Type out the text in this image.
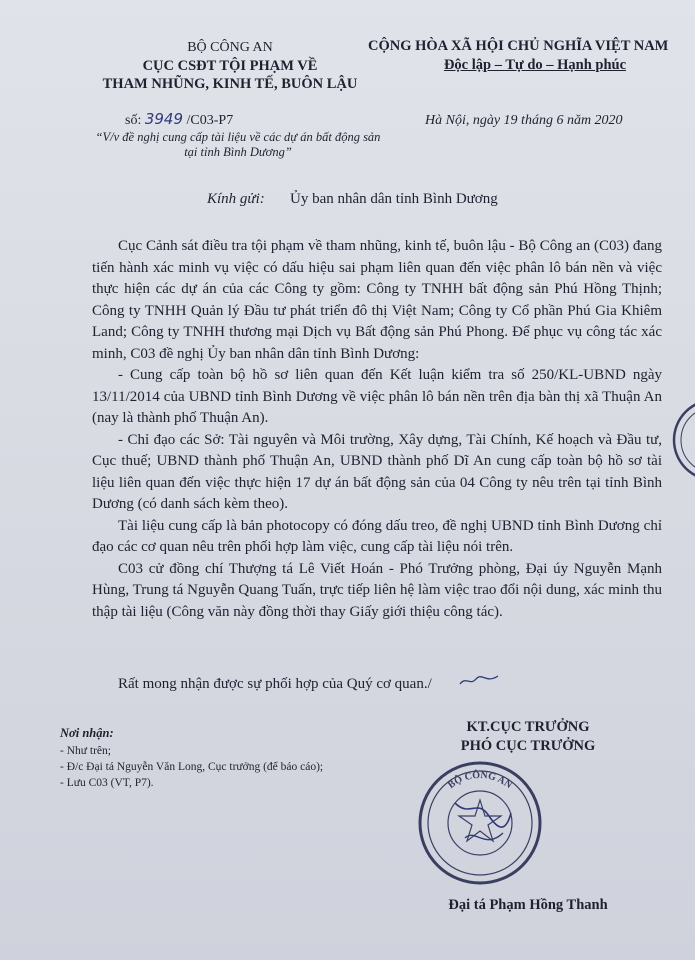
BỘ CÔNG AN
CỤC CSĐT TỘI PHẠM VỀ
THAM NHŨNG, KINH TẾ, BUÔN LẬU
CỘNG HÒA XÃ HỘI CHỦ NGHĨA VIỆT NAM
Độc lập – Tự do – Hạnh phúc
số: 3949 /C03-P7
“V/v đề nghị cung cấp tài liệu về các dự án bất động sản tại tỉnh Bình Dương”
Hà Nội, ngày 19 tháng 6 năm 2020
Kính gửi: Ủy ban nhân dân tỉnh Bình Dương

Cục Cảnh sát điều tra tội phạm về tham nhũng, kinh tế, buôn lậu - Bộ Công an (C03) đang tiến hành xác minh vụ việc có dấu hiệu sai phạm liên quan đến việc phân lô bán nền và việc thực hiện các dự án của các Công ty gồm: Công ty TNHH bất động sản Phú Hồng Thịnh; Công ty TNHH Quản lý Đầu tư phát triển đô thị Việt Nam; Công ty Cổ phần Phú Gia Khiêm Land; Công ty TNHH thương mại Dịch vụ Bất động sản Phú Phong. Để phục vụ công tác xác minh, C03 đề nghị Ủy ban nhân dân tỉnh Bình Dương:

- Cung cấp toàn bộ hồ sơ liên quan đến Kết luận kiểm tra số 250/KL-UBND ngày 13/11/2014 của UBND tỉnh Bình Dương về việc phân lô bán nền trên địa bàn thị xã Thuận An (nay là thành phố Thuận An).

- Chỉ đạo các Sở: Tài nguyên và Môi trường, Xây dựng, Tài Chính, Kế hoạch và Đầu tư, Cục thuế; UBND thành phố Thuận An, UBND thành phố Dĩ An cung cấp toàn bộ hồ sơ tài liệu liên quan đến việc thực hiện 17 dự án bất động sản của 04 Công ty nêu trên tại tỉnh Bình Dương (có danh sách kèm theo).

Tài liệu cung cấp là bản photocopy có đóng dấu treo, đề nghị UBND tỉnh Bình Dương chỉ đạo các cơ quan nêu trên phối hợp làm việc, cung cấp tài liệu nói trên.

C03 cử đồng chí Thượng tá Lê Viết Hoán - Phó Trưởng phòng, Đại úy Nguyễn Mạnh Hùng, Trung tá Nguyễn Quang Tuấn, trực tiếp liên hệ làm việc trao đổi nội dung, xác minh thu thập tài liệu (Công văn này đồng thời thay Giấy giới thiệu công tác).

Rất mong nhận được sự phối hợp của Quý cơ quan./
Nơi nhận:
- Như trên;
- Đ/c Đại tá Nguyễn Văn Long, Cục trưởng (để báo cáo);
- Lưu C03 (VT, P7).
KT.CỤC TRƯỞNG
PHÓ CỤC TRƯỞNG
BỘ CÔNG AN
Đại tá Phạm Hồng Thanh
